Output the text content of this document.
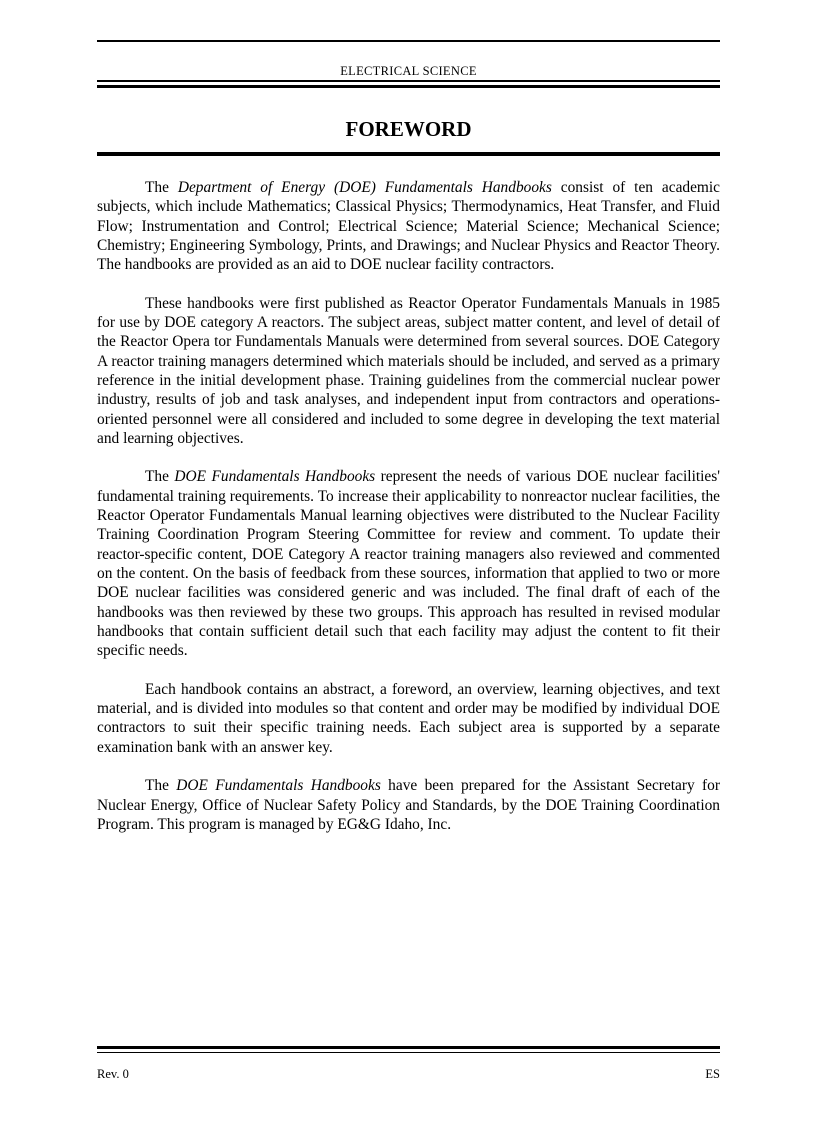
ELECTRICAL SCIENCE
FOREWORD

The Department of Energy (DOE) Fundamentals Handbooks consist of ten academic subjects, which include Mathematics; Classical Physics; Thermodynamics, Heat Transfer, and Fluid Flow; Instrumentation and Control; Electrical Science; Material Science; Mechanical Science; Chemistry; Engineering Symbology, Prints, and Drawings; and Nuclear Physics and Reactor Theory. The handbooks are provided as an aid to DOE nuclear facility contractors.

These handbooks were first published as Reactor Operator Fundamentals Manuals in 1985 for use by DOE category A reactors. The subject areas, subject matter content, and level of detail of the Reactor Opera tor Fundamentals Manuals were determined from several sources. DOE Category A reactor training managers determined which materials should be included, and served as a primary reference in the initial development phase. Training guidelines from the commercial nuclear power industry, results of job and task analyses, and independent input from contractors and operations-oriented personnel were all considered and included to some degree in developing the text material and learning objectives.

The DOE Fundamentals Handbooks represent the needs of various DOE nuclear facilities' fundamental training requirements. To increase their applicability to nonreactor nuclear facilities, the Reactor Operator Fundamentals Manual learning objectives were distributed to the Nuclear Facility Training Coordination Program Steering Committee for review and comment. To update their reactor-specific content, DOE Category A reactor training managers also reviewed and commented on the content. On the basis of feedback from these sources, information that applied to two or more DOE nuclear facilities was considered generic and was included. The final draft of each of the handbooks was then reviewed by these two groups. This approach has resulted in revised modular handbooks that contain sufficient detail such that each facility may adjust the content to fit their specific needs.

Each handbook contains an abstract, a foreword, an overview, learning objectives, and text material, and is divided into modules so that content and order may be modified by individual DOE contractors to suit their specific training needs. Each subject area is supported by a separate examination bank with an answer key.

The DOE Fundamentals Handbooks have been prepared for the Assistant Secretary for Nuclear Energy, Office of Nuclear Safety Policy and Standards, by the DOE Training Coordination Program. This program is managed by EG&G Idaho, Inc.

Rev. 0	ES
